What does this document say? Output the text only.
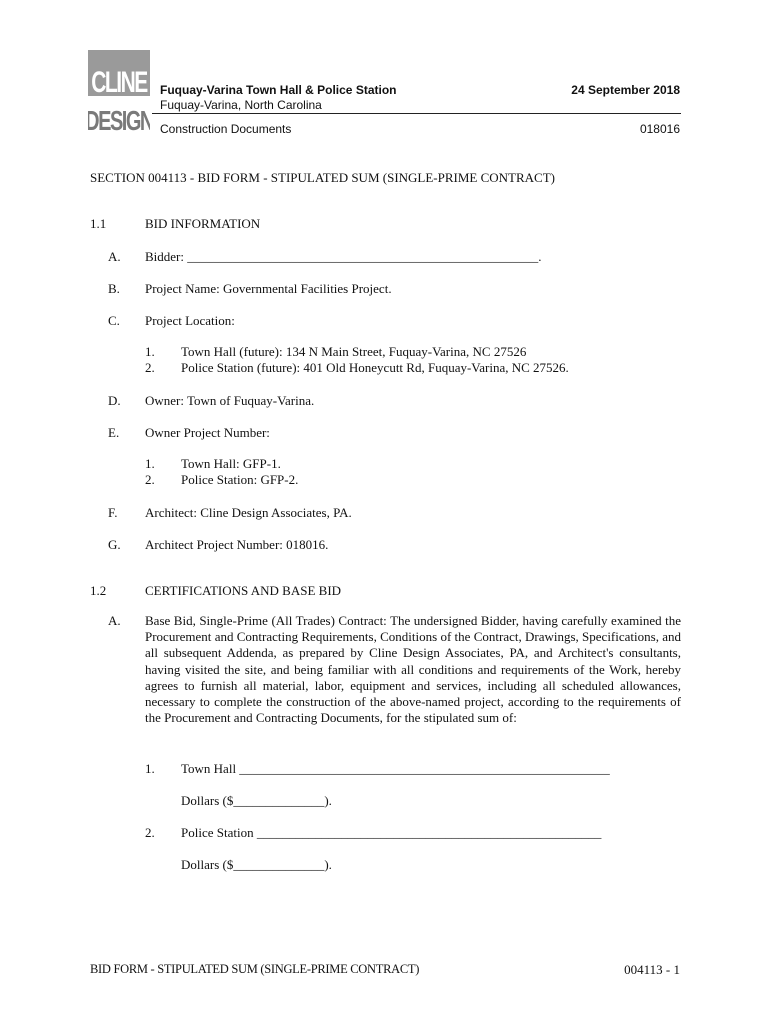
CLINE
DESIGN
Fuquay-Varina Town Hall & Police Station	24 September 2018
Fuquay-Varina, North Carolina
Construction Documents	018016
SECTION 004113 - BID FORM - STIPULATED SUM (SINGLE-PRIME CONTRACT)
1.1	BID INFORMATION
A. Bidder: ______________________________________________________.
B. Project Name: Governmental Facilities Project.
C. Project Location:
1. Town Hall (future): 134 N Main Street, Fuquay-Varina, NC 27526
2. Police Station (future): 401 Old Honeycutt Rd, Fuquay-Varina, NC 27526.
D. Owner: Town of Fuquay-Varina.
E. Owner Project Number:
1. Town Hall: GFP-1.
2. Police Station: GFP-2.
F. Architect: Cline Design Associates, PA.
G. Architect Project Number: 018016.
1.2	CERTIFICATIONS AND BASE BID
A. Base Bid, Single-Prime (All Trades) Contract: The undersigned Bidder, having carefully examined the Procurement and Contracting Requirements, Conditions of the Contract, Drawings, Specifications, and all subsequent Addenda, as prepared by Cline Design Associates, PA, and Architect's consultants, having visited the site, and being familiar with all conditions and requirements of the Work, hereby agrees to furnish all material, labor, equipment and services, including all scheduled allowances, necessary to complete the construction of the above-named project, according to the requirements of the Procurement and Contracting Documents, for the stipulated sum of:
1. Town Hall _________________________________________________________
Dollars ($______________).
2. Police Station _____________________________________________________
Dollars ($______________).
BID FORM - STIPULATED SUM (SINGLE-PRIME CONTRACT)	004113 - 1
